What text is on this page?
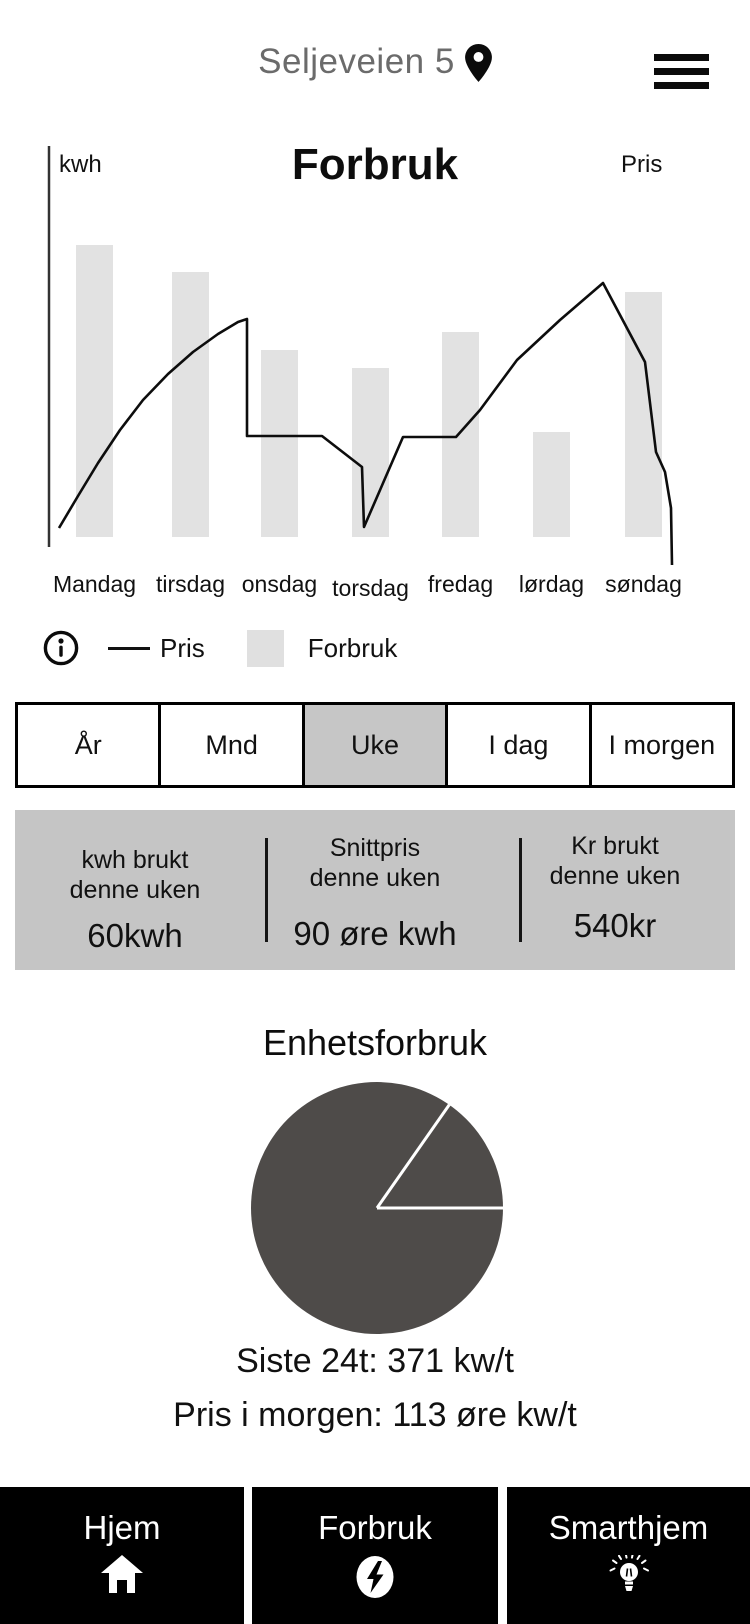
Seljeveien 5
Forbruk
kwh	Pris
Mandag tirsdag onsdag torsdag fredag lørdag søndag
Pris	Forbruk
År	Mnd	Uke	I dag	I morgen
kwh brukt
denne uken
60kwh
Snittpris
denne uken
90 øre kwh
Kr brukt
denne uken
540kr
Enhetsforbruk
Siste 24t: 371 kw/t
Pris i morgen: 113 øre kw/t
Hjem	Forbruk	Smarthjem
